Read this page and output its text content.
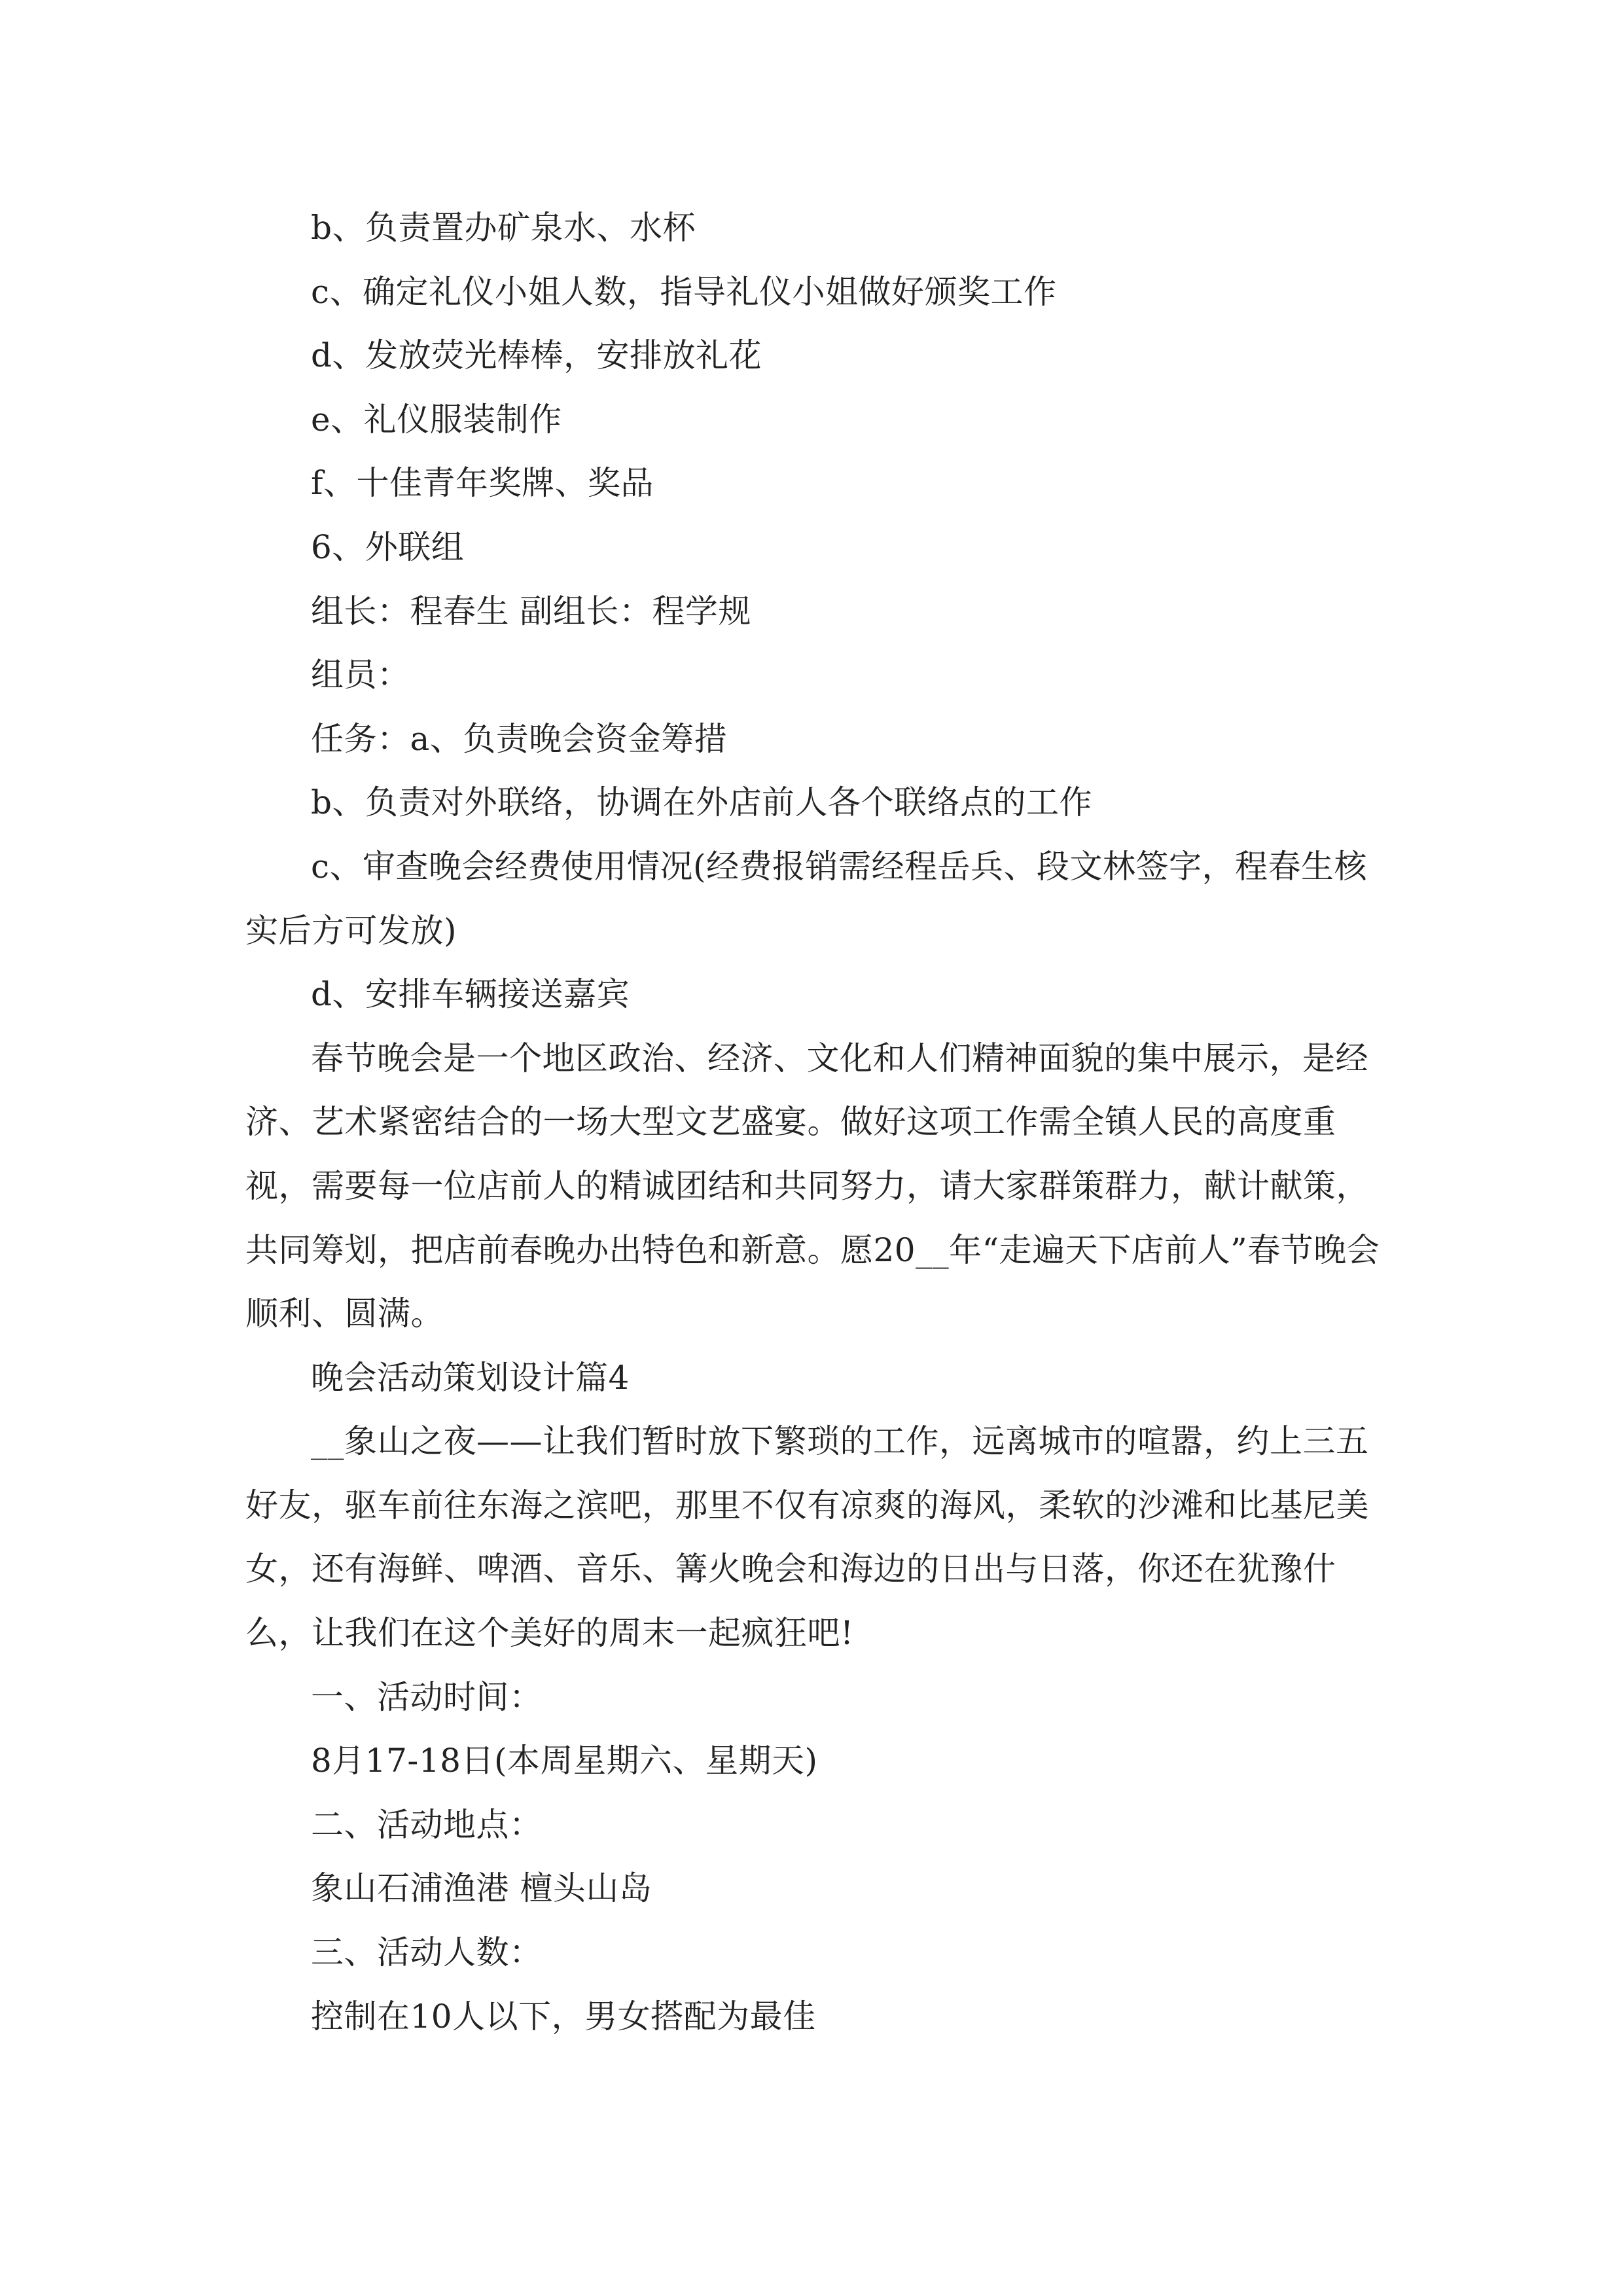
b、负责置办矿泉水、水杯

c、确定礼仪小姐人数，指导礼仪小姐做好颁奖工作

d、发放荧光棒棒，安排放礼花

e、礼仪服装制作

f、十佳青年奖牌、奖品

6、外联组

组长：程春生 副组长：程学规

组员：

任务：a、负责晚会资金筹措

b、负责对外联络，协调在外店前人各个联络点的工作

c、审查晚会经费使用情况(经费报销需经程岳兵、段文林签字，程春生核实后方可发放)

d、安排车辆接送嘉宾

春节晚会是一个地区政治、经济、文化和人们精神面貌的集中展示，是经济、艺术紧密结合的一场大型文艺盛宴。做好这项工作需全镇人民的高度重视，需要每一位店前人的精诚团结和共同努力，请大家群策群力，献计献策，共同筹划，把店前春晚办出特色和新意。愿20__年“走遍天下店前人”春节晚会顺利、圆满。

晚会活动策划设计篇4

__象山之夜——让我们暂时放下繁琐的工作，远离城市的喧嚣，约上三五好友，驱车前往东海之滨吧，那里不仅有凉爽的海风，柔软的沙滩和比基尼美女，还有海鲜、啤酒、音乐、篝火晚会和海边的日出与日落，你还在犹豫什么，让我们在这个美好的周末一起疯狂吧!

一、活动时间：

8月17-18日(本周星期六、星期天)

二、活动地点：

象山石浦渔港 檀头山岛

三、活动人数：

控制在10人以下，男女搭配为最佳
